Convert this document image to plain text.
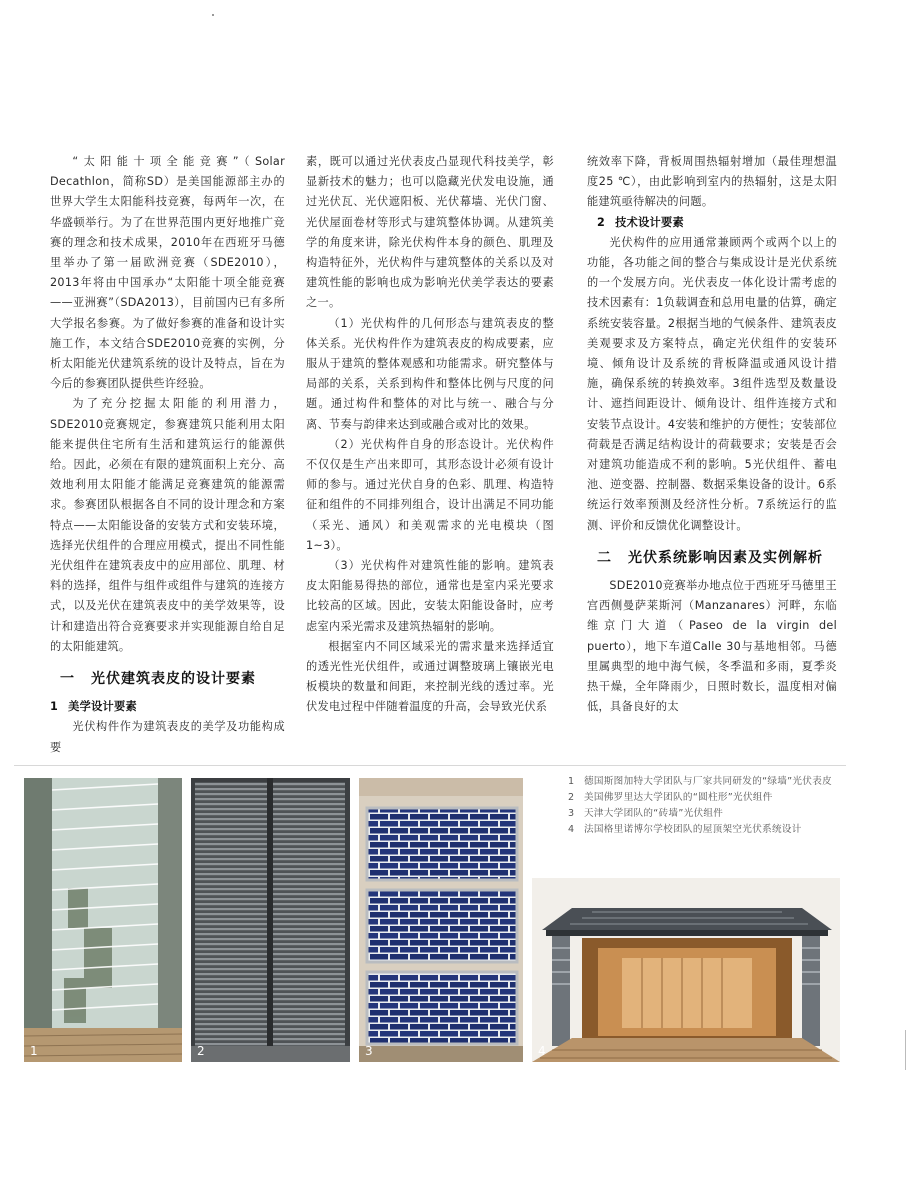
“太阳能十项全能竞赛”（Solar Decathlon，简称SD）是美国能源部主办的世界大学生太阳能科技竞赛，每两年一次，在华盛顿举行。为了在世界范围内更好地推广竞赛的理念和技术成果，2010年在西班牙马德里举办了第一届欧洲竞赛（SDE2010），2013年将由中国承办“太阳能十项全能竞赛——亚洲赛”（SDA2013），目前国内已有多所大学报名参赛。为了做好参赛的准备和设计实施工作，本文结合SDE2010竞赛的实例，分析太阳能光伏建筑系统的设计及特点，旨在为今后的参赛团队提供些许经验。

为了充分挖掘太阳能的利用潜力，SDE2010竞赛规定，参赛建筑只能利用太阳能来提供住宅所有生活和建筑运行的能源供给。因此，必须在有限的建筑面积上充分、高效地利用太阳能才能满足竞赛建筑的能源需求。参赛团队根据各自不同的设计理念和方案特点——太阳能设备的安装方式和安装环境，选择光伏组件的合理应用模式，提出不同性能光伏组件在建筑表皮中的应用部位、肌理、材料的选择，组件与组件或组件与建筑的连接方式，以及光伏在建筑表皮中的美学效果等，设计和建造出符合竞赛要求并实现能源自给自足的太阳能建筑。

一 光伏建筑表皮的设计要素
1 美学设计要素

光伏构件作为建筑表皮的美学及功能构成要

素，既可以通过光伏表皮凸显现代科技美学，彰显新技术的魅力；也可以隐藏光伏发电设施，通过光伏瓦、光伏遮阳板、光伏幕墙、光伏门窗、光伏屋面卷材等形式与建筑整体协调。从建筑美学的角度来讲，除光伏构件本身的颜色、肌理及构造特征外，光伏构件与建筑整体的关系以及对建筑性能的影响也成为影响光伏美学表达的要素之一。

（1）光伏构件的几何形态与建筑表皮的整体关系。光伏构件作为建筑表皮的构成要素，应服从于建筑的整体观感和功能需求。研究整体与局部的关系，关系到构件和整体比例与尺度的问题。通过构件和整体的对比与统一、融合与分离、节奏与韵律来达到或融合或对比的效果。

（2）光伏构件自身的形态设计。光伏构件不仅仅是生产出来即可，其形态设计必须有设计师的参与。通过光伏自身的色彩、肌理、构造特征和组件的不同排列组合，设计出满足不同功能（采光、通风）和美观需求的光电模块（图1~3）。

（3）光伏构件对建筑性能的影响。建筑表皮太阳能易得热的部位，通常也是室内采光要求比较高的区域。因此，安装太阳能设备时，应考虑室内采光需求及建筑热辐射的影响。

根据室内不同区域采光的需求量来选择适宜的透光性光伏组件，或通过调整玻璃上镶嵌光电板模块的数量和间距，来控制光线的透过率。光伏发电过程中伴随着温度的升高，会导致光伏系

统效率下降，背板周围热辐射增加（最佳理想温度25 ℃），由此影响到室内的热辐射，这是太阳能建筑亟待解决的问题。

2 技术设计要素

光伏构件的应用通常兼顾两个或两个以上的功能，各功能之间的整合与集成设计是光伏系统的一个发展方向。光伏表皮一体化设计需考虑的技术因素有：1负载调查和总用电量的估算，确定系统安装容量。2根据当地的气候条件、建筑表皮美观要求及方案特点，确定光伏组件的安装环境、倾角设计及系统的背板降温或通风设计措施，确保系统的转换效率。3组件选型及数量设计、遮挡间距设计、倾角设计、组件连接方式和安装节点设计。4安装和维护的方便性；安装部位荷载是否满足结构设计的荷载要求；安装是否会对建筑功能造成不利的影响。5光伏组件、蓄电池、逆变器、控制器、数据采集设备的设计。6系统运行效率预测及经济性分析。7系统运行的监测、评价和反馈优化调整设计。

二 光伏系统影响因素及实例解析

SDE2010竞赛举办地点位于西班牙马德里王宫西侧曼萨莱斯河（Manzanares）河畔，东临维京门大道（Paseo de la virgin del puerto），地下车道Calle 30与基地相邻。马德里属典型的地中海气候，冬季温和多雨，夏季炎热干燥，全年降雨少，日照时数长，温度相对偏低，具备良好的太

1	2	3
1 德国斯图加特大学团队与厂家共同研发的“绿墙”光伏表皮
2 美国佛罗里达大学团队的“圆柱形”光伏组件
3 天津大学团队的“砖墙”光伏组件
4 法国格里诺博尔学校团队的屋顶架空光伏系统设计
4
